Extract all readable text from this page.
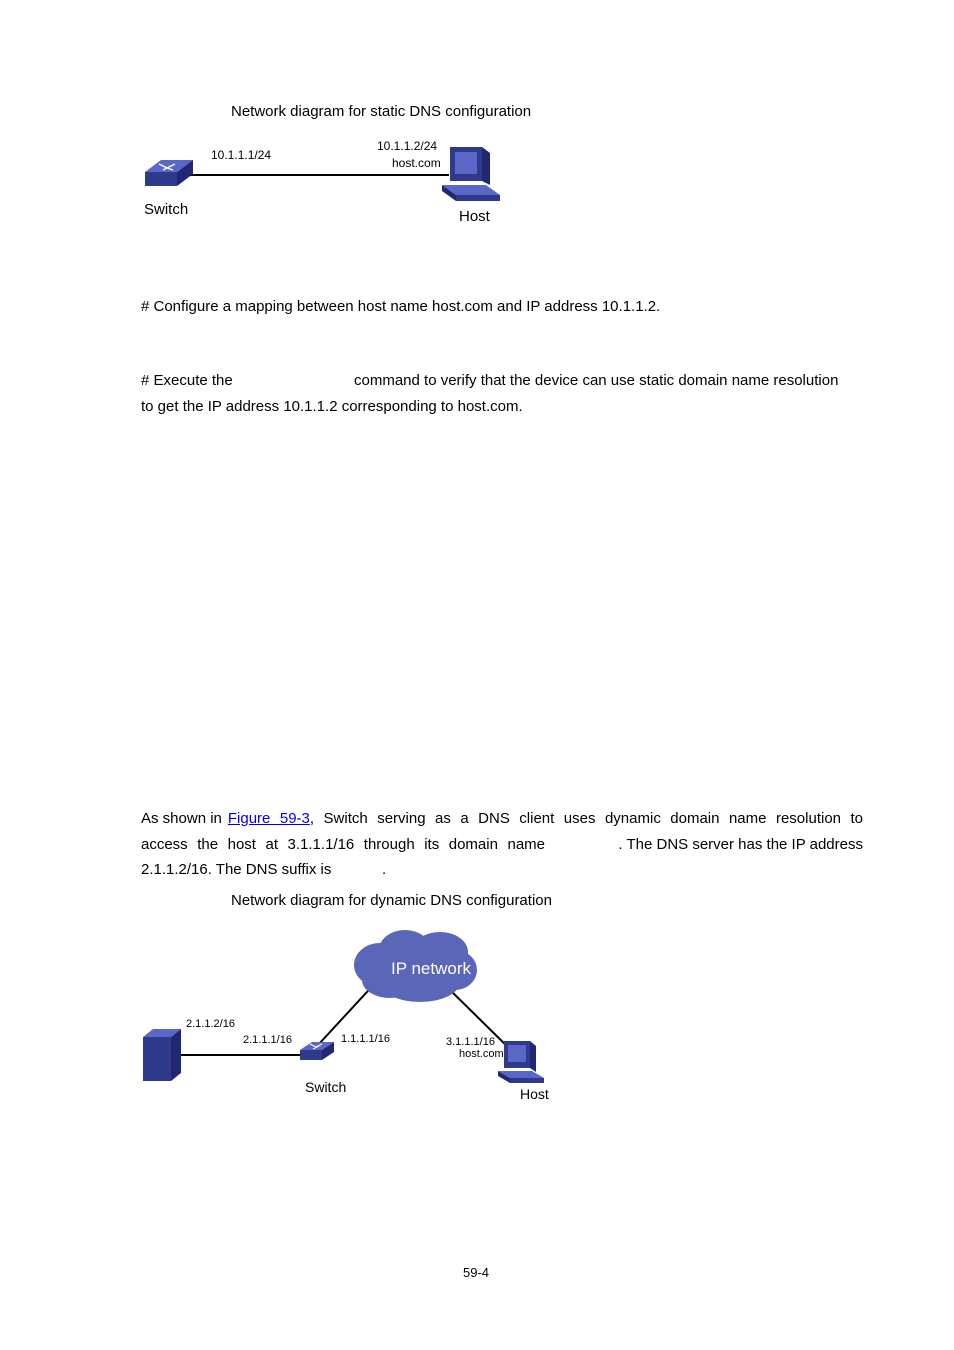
Network diagram for static DNS configuration
10.1.1.1/24
10.1.1.2/24
host.com
Switch	Host
# Configure a mapping between host name host.com and IP address 10.1.1.2.
# Execute the	command to verify that the device can use static domain name resolution
to get the IP address 10.1.1.2 corresponding to host.com.
As shown in Figure 59-3, Switch serving as a DNS client uses dynamic domain name resolution to
access the host at 3.1.1.1/16 through its domain name	. The DNS server has the IP address
2.1.1.2/16. The DNS suffix is	.
Network diagram for dynamic DNS configuration
IP network
2.1.1.2/16
2.1.1.1/16	1.1.1.1/16	3.1.1.1/16
host.com
Switch	Host
59-4
